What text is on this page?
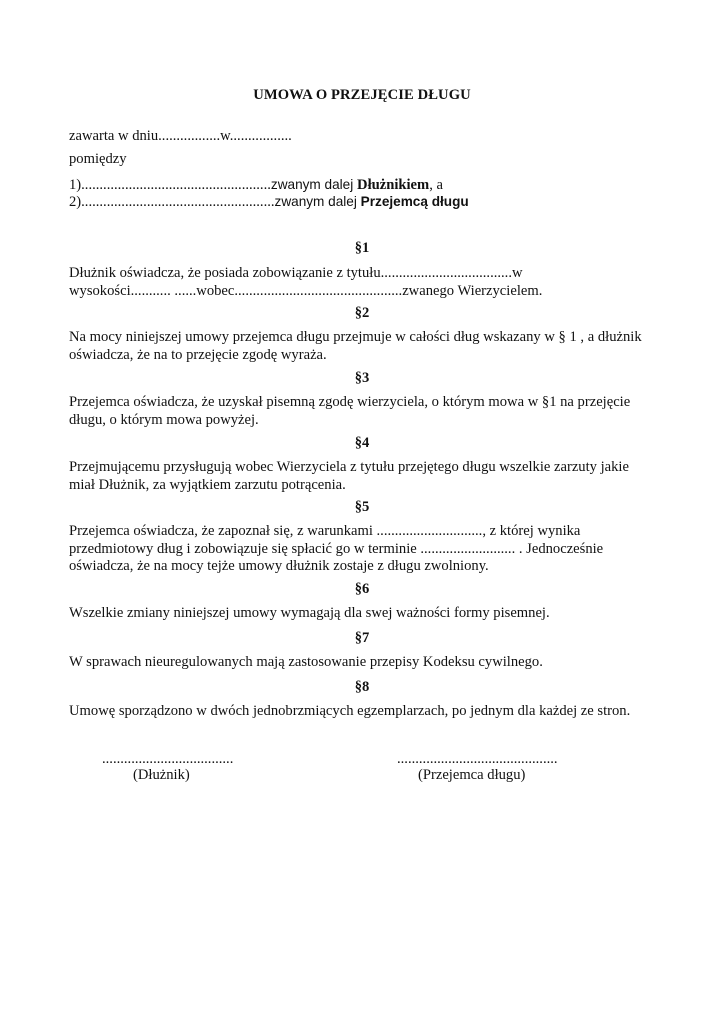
UMOWA O PRZEJĘCIE DŁUGU
zawarta w dniu.................w.................
pomiędzy
1)....................................................zwanym dalej Dłużnikiem, a
2).....................................................zwanym dalej Przejemcą długu
§1
Dłużnik oświadcza, że posiada zobowiązanie z tytułu....................................w
wysokości........... ......wobec..............................................zwanego Wierzycielem.
§2
Na mocy niniejszej umowy przejemca długu przejmuje w całości dług wskazany w § 1 , a dłużnik
oświadcza, że na to przejęcie zgodę wyraża.
§3
Przejemca oświadcza, że uzyskał pisemną zgodę wierzyciela, o którym mowa w §1 na przejęcie
długu, o którym mowa powyżej.
§4
Przejmującemu przysługują wobec Wierzyciela z tytułu przejętego długu wszelkie zarzuty jakie
miał Dłużnik, za wyjątkiem zarzutu potrącenia.
§5
Przejemca oświadcza, że zapoznał się, z warunkami ............................., z której wynika
przedmiotowy dług i zobowiązuje się spłacić go w terminie .......................... . Jednocześnie
oświadcza, że na mocy tejże umowy dłużnik zostaje z długu zwolniony.
§6
Wszelkie zmiany niniejszej umowy wymagają dla swej ważności formy pisemnej.
§7
W sprawach nieuregulowanych mają zastosowanie przepisy Kodeksu cywilnego.
§8
Umowę sporządzono w dwóch jednobrzmiących egzemplarzach, po jednym dla każdej ze stron.
....................................
(Dłużnik)
............................................
(Przejemca długu)
